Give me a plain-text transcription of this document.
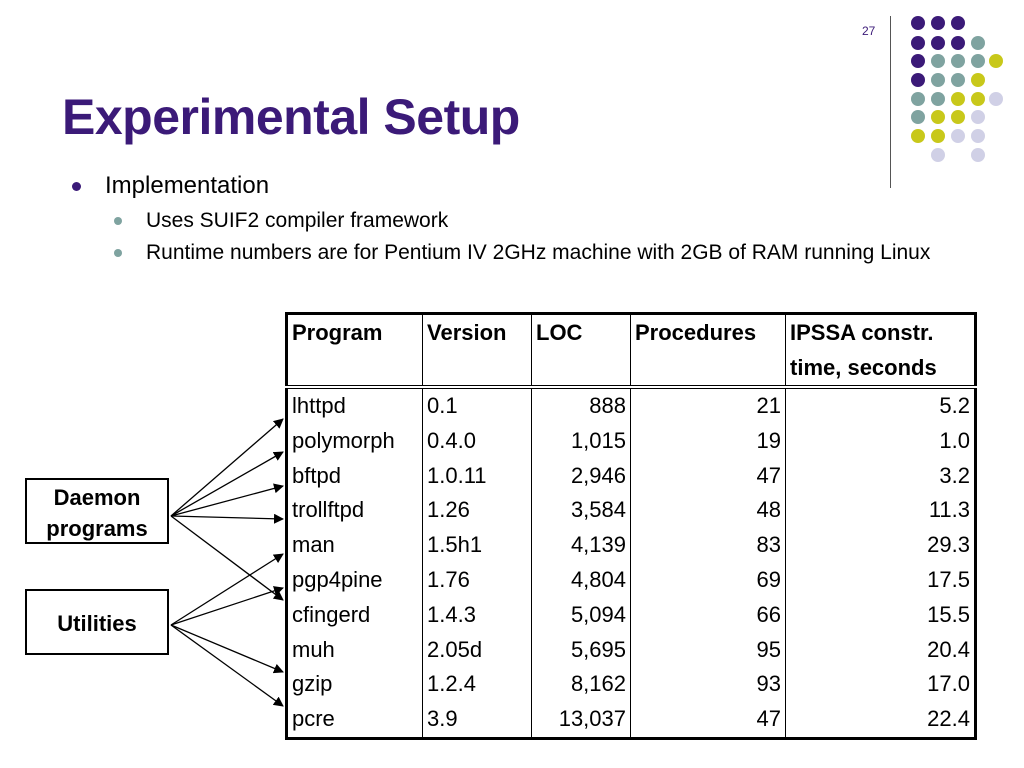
27
Experimental Setup
Implementation
Uses SUIF2 compiler framework
Runtime numbers are for Pentium IV 2GHz machine with 2GB of RAM running Linux
Program	Version	LOC	Procedures	IPSSA constr. time, seconds
lhttpd	0.1	888	21	5.2
polymorph	0.4.0	1,015	19	1.0
bftpd	1.0.11	2,946	47	3.2
trollftpd	1.26	3,584	48	11.3
man	1.5h1	4,139	83	29.3
pgp4pine	1.76	4,804	69	17.5
cfingerd	1.4.3	5,094	66	15.5
muh	2.05d	5,695	95	20.4
gzip	1.2.4	8,162	93	17.0
pcre	3.9	13,037	47	22.4
Daemon programs
Utilities
